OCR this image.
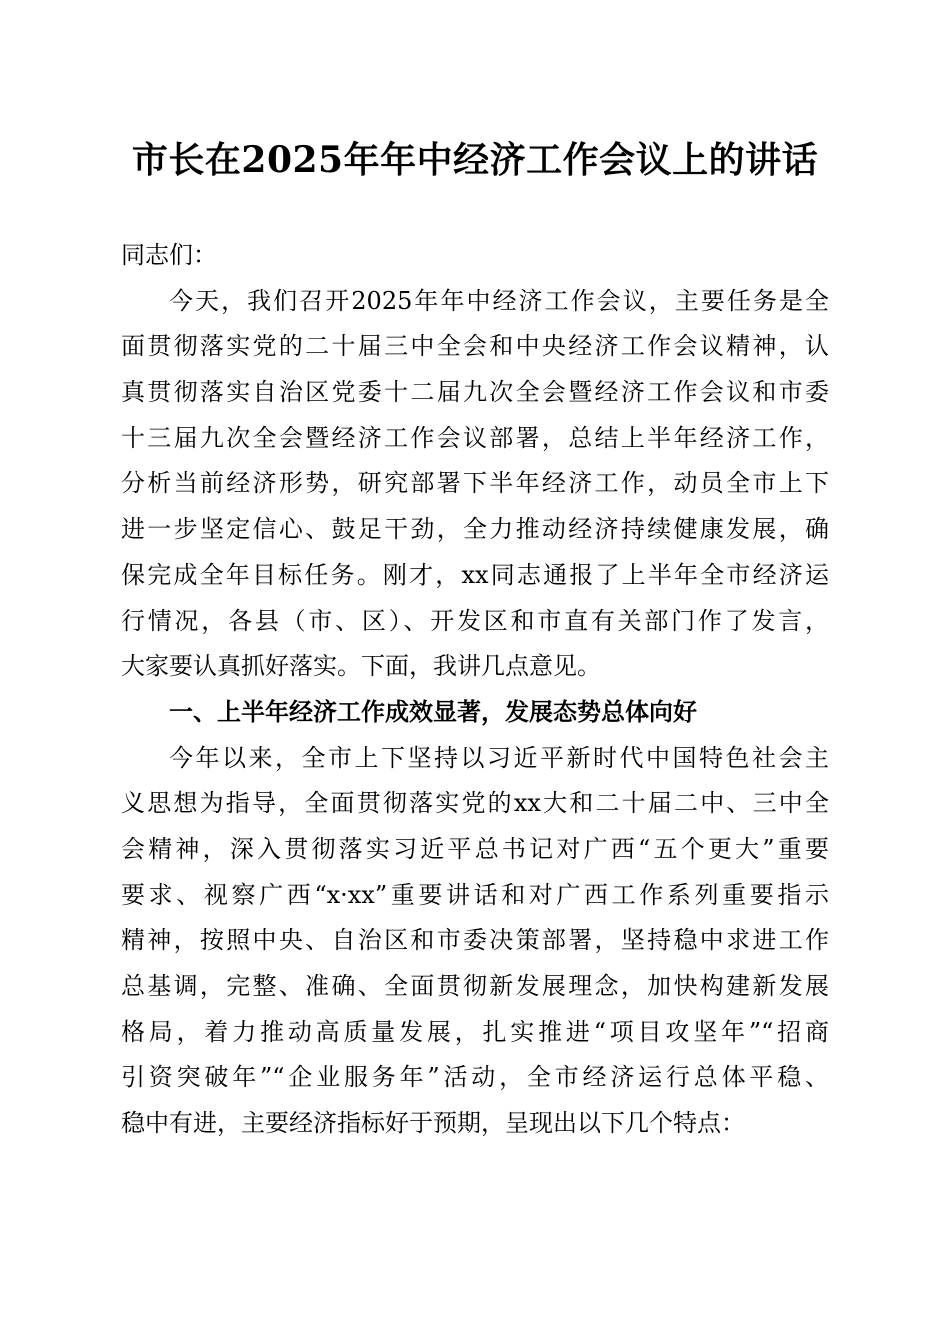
市长在2025年年中经济工作会议上的讲话
同志们：
今天，我们召开2025年年中经济工作会议，主要任务是全
面贯彻落实党的二十届三中全会和中央经济工作会议精神，认
真贯彻落实自治区党委十二届九次全会暨经济工作会议和市委
十三届九次全会暨经济工作会议部署，总结上半年经济工作，
分析当前经济形势，研究部署下半年经济工作，动员全市上下
进一步坚定信心、鼓足干劲，全力推动经济持续健康发展，确
保完成全年目标任务。刚才，xx同志通报了上半年全市经济运
行情况，各县（市、区）、开发区和市直有关部门作了发言，
大家要认真抓好落实。下面，我讲几点意见。
一、上半年经济工作成效显著，发展态势总体向好
今年以来，全市上下坚持以习近平新时代中国特色社会主
义思想为指导，全面贯彻落实党的xx大和二十届二中、三中全
会精神，深入贯彻落实习近平总书记对广西“五个更大”重要
要求、视察广西“x·xx”重要讲话和对广西工作系列重要指示
精神，按照中央、自治区和市委决策部署，坚持稳中求进工作
总基调，完整、准确、全面贯彻新发展理念，加快构建新发展
格局，着力推动高质量发展，扎实推进“项目攻坚年”“招商
引资突破年”“企业服务年”活动，全市经济运行总体平稳、
稳中有进，主要经济指标好于预期，呈现出以下几个特点：
